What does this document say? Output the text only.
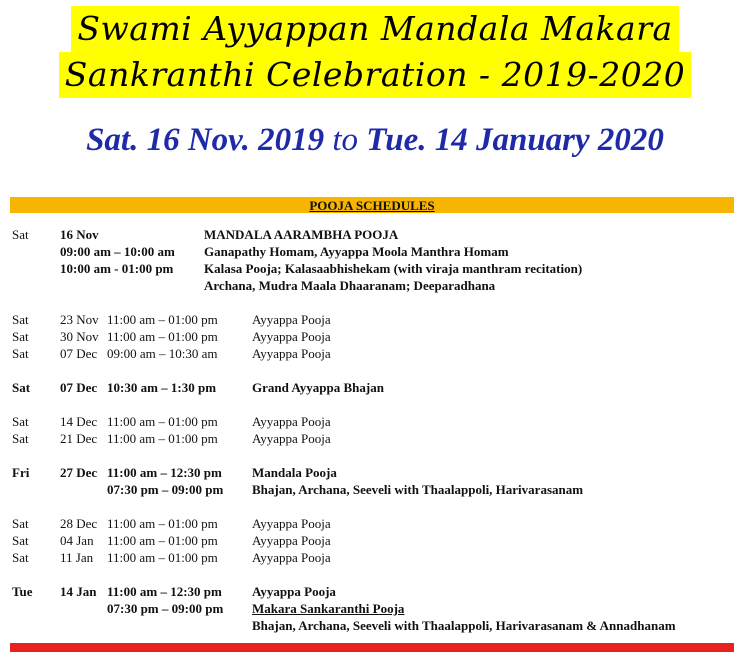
Swami Ayyappan Mandala Makara
Sankranthi Celebration - 2019-2020
Sat. 16 Nov. 2019 to Tue. 14 January 2020
POOJA SCHEDULES
Sat 16 Nov	MANDALA AARAMBHA POOJA
09:00 am – 10:00 am Ganapathy Homam, Ayyappa Moola Manthra Homam
10:00 am - 01:00 pm Kalasa Pooja; Kalasaabhishekam (with viraja manthram recitation)
Archana, Mudra Maala Dhaaranam; Deeparadhana
Sat 23 Nov 11:00 am – 01:00 pm	Ayyappa Pooja
Sat 30 Nov 11:00 am – 01:00 pm	Ayyappa Pooja
Sat 07 Dec 09:00 am – 10:30 am	Ayyappa Pooja
Sat 07 Dec 10:30 am – 1:30 pm	Grand Ayyappa Bhajan
Sat 14 Dec 11:00 am – 01:00 pm	Ayyappa Pooja
Sat 21 Dec 11:00 am – 01:00 pm	Ayyappa Pooja
Fri 27 Dec 11:00 am – 12:30 pm Mandala Pooja
07:30 pm – 09:00 pm Bhajan, Archana, Seeveli with Thaalappoli, Harivarasanam
Sat 28 Dec 11:00 am – 01:00 pm	Ayyappa Pooja
Sat 04 Jan 11:00 am – 01:00 pm	Ayyappa Pooja
Sat 11 Jan 11:00 am – 01:00 pm	Ayyappa Pooja
Tue 14 Jan 11:00 am – 12:30 pm Ayyappa Pooja
07:30 pm – 09:00 pm Makara Sankaranthi Pooja
Bhajan, Archana, Seeveli with Thaalappoli, Harivarasanam & Annadhanam
